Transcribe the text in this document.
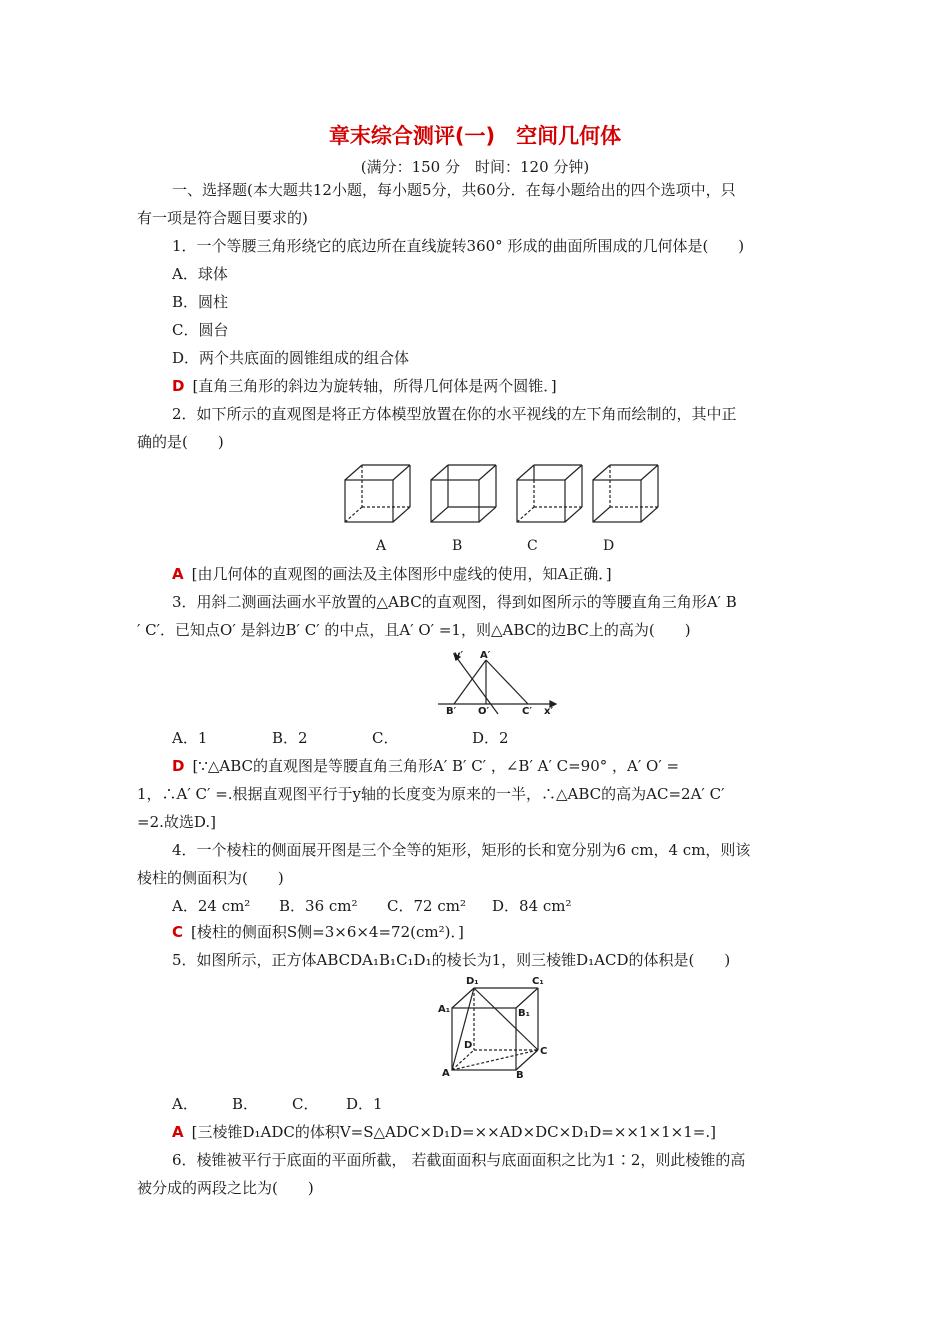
章末综合测评(一)　空间几何体
(满分：150 分　时间：120 分钟)
一、选择题(本大题共12小题，每小题5分，共60分．在每小题给出的四个选项中，只
有一项是符合题目要求的)
1．一个等腰三角形绕它的底边所在直线旋转360° 形成的曲面所围成的几何体是(　　)
A．球体
B．圆柱
C．圆台
D．两个共底面的圆锥组成的组合体
D [直角三角形的斜边为旋转轴，所得几何体是两个圆锥．]
2．如下所示的直观图是将正方体模型放置在你的水平视线的左下角而绘制的，其中正
确的是(　　)
A	B	C	D
A [由几何体的直观图的画法及主体图形中虚线的使用，知A正确．]
3．用斜二测画法画水平放置的△ABC的直观图，得到如图所示的等腰直角三角形A′ B
′ C′．已知点O′ 是斜边B′ C′ 的中点，且A′ O′ =1，则△ABC的边BC上的高为(　　)
y′ A′
B′ O′	C′ x′
A．1	B．2	C．	D．2
D [∵△ABC的直观图是等腰直角三角形A′ B′ C′ ，∠B′ A′ C=90° ，A′ O′ =
1，∴A′ C′ =.根据直观图平行于y轴的长度变为原来的一半，∴△ABC的高为AC=2A′ C′
=2.故选D.]
4．一个棱柱的侧面展开图是三个全等的矩形，矩形的长和宽分别为6 cm，4 cm，则该
棱柱的侧面积为(　　)
A．24 cm² B．36 cm² C．72 cm² D．84 cm²
C [棱柱的侧面积S侧=3×6×4=72(cm²)．]
5．如图所示，正方体ABCDA₁B₁C₁D₁的棱长为1，则三棱锥D₁ACD的体积是(　　)
D₁	C₁
A₁	B₁
D
C
A	B
A． B． C． D．1
A [三棱锥D₁ADC的体积V=S△ADC×D₁D=××AD×DC×D₁D=××1×1×1=.]
6．棱锥被平行于底面的平面所截， 若截面面积与底面面积之比为1∶2，则此棱锥的高
被分成的两段之比为(　　)
